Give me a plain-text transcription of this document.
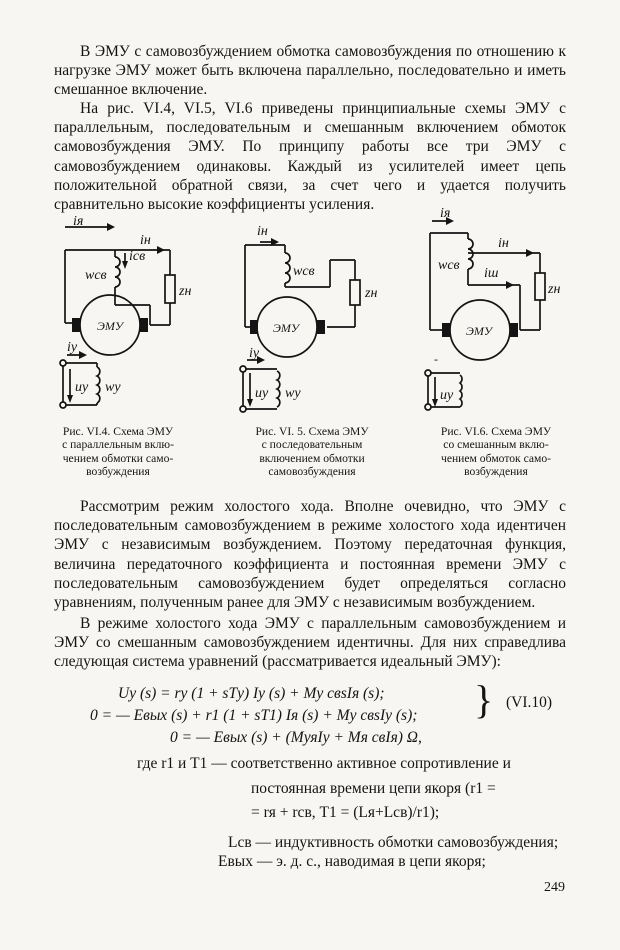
В ЭМУ с самовозбуждением обмотка самовозбуждения по отношению к нагрузке ЭМУ может быть включена параллельно, последовательно и иметь смешанное включение.

На рис. VI.4, VI.5, VI.6 приведены принципиальные схемы ЭМУ с параллельным, последовательным и смешанным включением обмоток самовозбуждения ЭМУ. По принципу работы все три ЭМУ с самовозбуждением одинаковы. Каждый из усилителей имеет цепь положительной обратной связи, за счет чего и удается получить сравнительно высокие коэффициенты усиления.

iя
iн
iсв
wсв
zн
ЭМУ
iу
uу wу
iн
wсв
zн
ЭМУ
iу
uу wу
-
iя
iн
wсв
iш
zн
ЭМУ
uу
Рис. VI.4. Схема ЭМУ
с параллельным вклю-
чением обмотки само-
возбуждения
Рис. VI. 5. Схема ЭМУ
с последовательным
включением обмотки
самовозбуждения
Рис. VI.6. Схема ЭМУ
со смешанным вклю-
чением обмоток само-
возбуждения

Рассмотрим режим холостого хода. Вполне очевидно, что ЭМУ с последовательным самовозбуждением в режиме холостого хода идентичен ЭМУ с независимым возбуждением. Поэтому передаточная функция, величина передаточного коэффициента и постоянная времени ЭМУ с последовательным самовозбуждением будет определяться согласно уравнениям, полученным ранее для ЭМУ с независимым возбуждением.

В режиме холостого хода ЭМУ с параллельным самовозбуждением и ЭМУ со смешанным самовозбуждением идентичны. Для них справедлива следующая система уравнений (рассматривается идеальный ЭМУ):

Uу (s) = rу (1 + sTу) Iу (s) + Mу свsIя (s);
0 = — Eвых (s) + r1 (1 + sT1) Iя (s) + Mу свsIу (s);
0 = — Eвых (s) + (MуяIу + Mя свIя) Ω,
} (VI.10)
где r1 и T1 — соответственно активное сопротивление и
постоянная времени цепи якоря (r1 =
= rя + rсв, T1 = (Lя+Lсв)/r1);
Lсв — индуктивность обмотки самовозбуждения;
Eвых — э. д. с., наводимая в цепи якоря;
249
